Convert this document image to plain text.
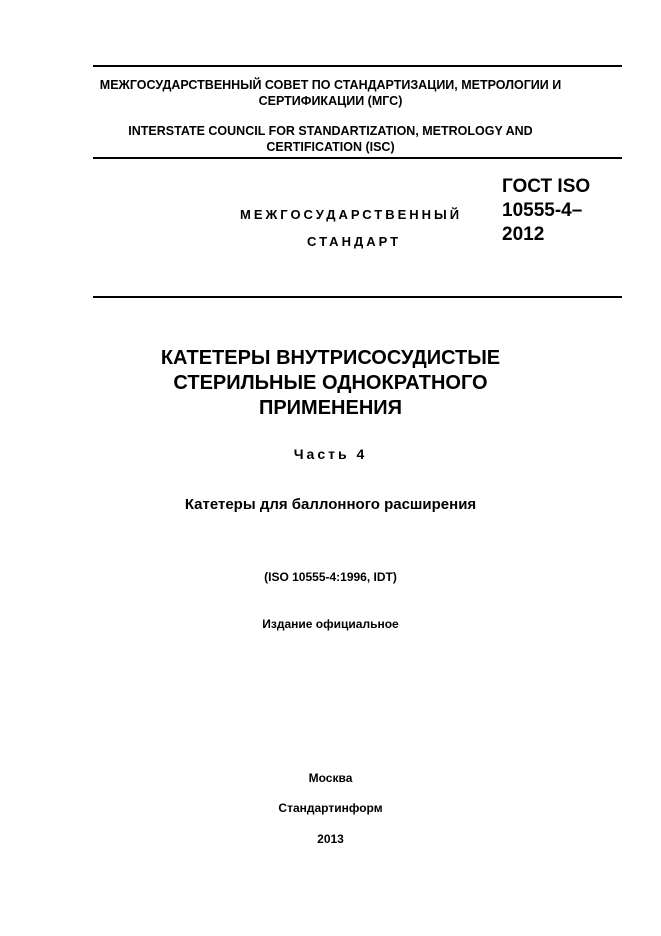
МЕЖГОСУДАРСТВЕННЫЙ СОВЕТ ПО СТАНДАРТИЗАЦИИ, МЕТРОЛОГИИ И
СЕРТИФИКАЦИИ (МГС)
INTERSTATE COUNCIL FOR STANDARTIZATION, METROLOGY AND
CERTIFICATION (ISC)
МЕЖГОСУДАРСТВЕННЫЙ
СТАНДАРТ
ГОСТ ISO
10555-4–
2012
КАТЕТЕРЫ ВНУТРИСОСУДИСТЫЕ
СТЕРИЛЬНЫЕ ОДНОКРАТНОГО
ПРИМЕНЕНИЯ
Часть 4
Катетеры для баллонного расширения
(ISO 10555-4:1996, IDT)
Издание официальное
Москва
Стандартинформ
2013
